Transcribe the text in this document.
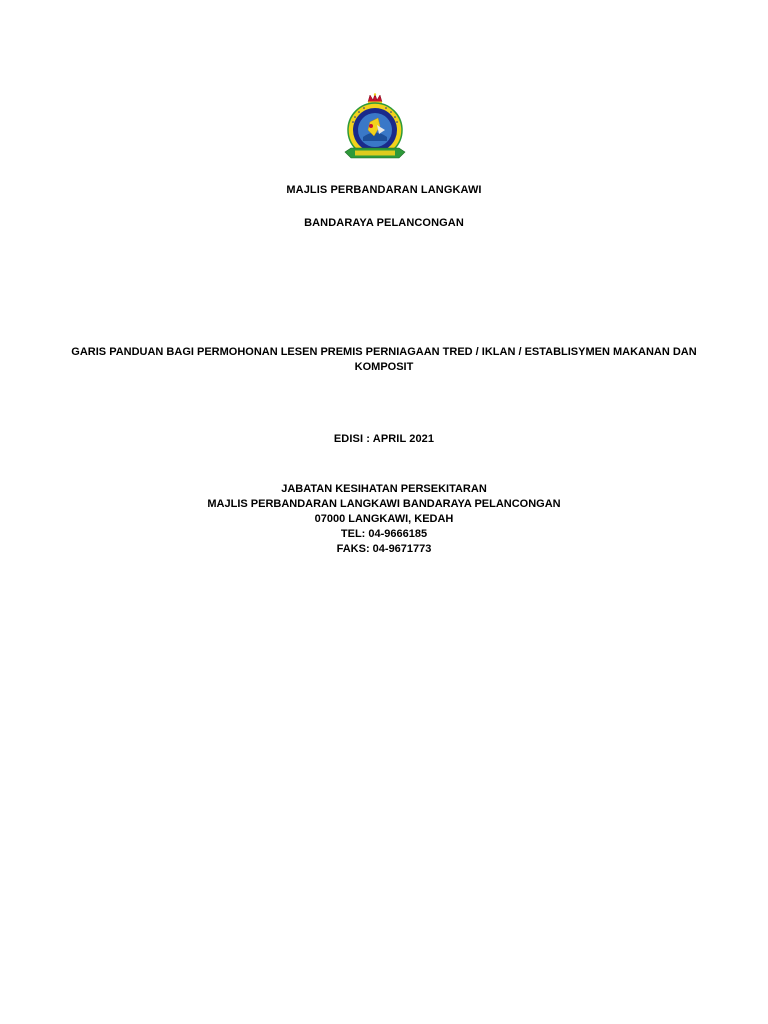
MAJLIS PERBANDARAN LANGKAWI
BANDARAYA PELANCONGAN
GARIS PANDUAN BAGI PERMOHONAN LESEN PREMIS PERNIAGAAN TRED / IKLAN / ESTABLISYMEN MAKANAN DAN
KOMPOSIT
EDISI : APRIL 2021
JABATAN KESIHATAN PERSEKITARAN
MAJLIS PERBANDARAN LANGKAWI BANDARAYA PELANCONGAN
07000 LANGKAWI, KEDAH
TEL: 04-9666185
FAKS: 04-9671773
